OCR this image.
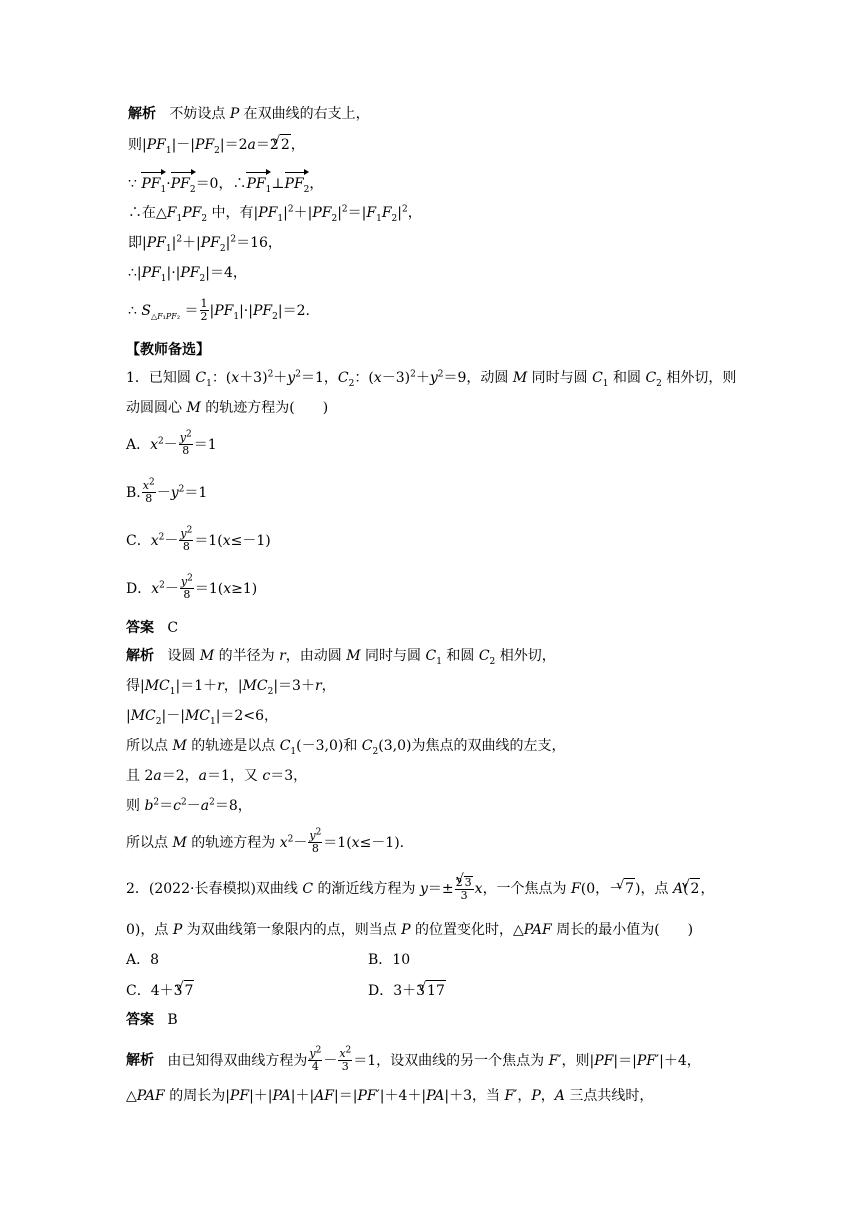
解析 不妨设点 P 在双曲线的右支上，
则$|PF_1|-|PF_2|=2a=2√$ 2，
∵ $PF_1\cdot PF_2=0$，$\therefore PF_1\perp PF_2$，
∴在$\triangle F_1PF_2$ 中，有$|PF_1|^2+|PF_2|^2=|F_1F_2|^2$，
即$|PF_1|^2+|PF_2|^2=16$，
$\therefore|PF_1|\cdot|PF_2|=4$，
∴ $S_{\triangle F_1PF_2} = \frac{1}{2} |PF_1|\cdot|PF_2|=2$.
【教师备选】
1．已知圆 $C_1$：$(x+3)^2+y^2=1$，$C_2$：$(x-3)^2+y^2=9$，动圆 M 同时与圆 $C_1$ 和圆 $C_2$ 相外切，则
动圆圆心 M 的轨迹方程为(　　)
A．$x^2- \frac{y^2}{8} =1$
B. $\frac{x^2}{8} -y^2=1$
C．$x^2- \frac{y^2}{8} =1(x\le-1)$
D．$x^2- \frac{y^2}{8} =1(x\ge 1)$
答案 C
解析 设圆 M 的半径为 r，由动圆 M 同时与圆 $C_1$ 和圆 $C_2$ 相外切，
得$|MC_1|=1+r$，$|MC_2|=3+r$，
$|MC_2|-|MC_1|=2<6$，
所以点 M 的轨迹是以点 $C_1(-3,0)$和 $C_2(3,0)$为焦点的双曲线的左支，
且 2a＝2，a＝1，又 c＝3，
则 $b^2=c^2-a^2=8$，
所以点 M 的轨迹方程为 $x^2- \frac{y^2}{8} =1(x\le-1)$.
2．(2022·长春模拟)双曲线 C 的渐近线方程为 $y=\pm \frac{2√ 3}{3}$ x，一个焦点为 F(0，－√ 7)，点 A(√ 2，
0)，点 P 为双曲线第一象限内的点，则当点 P 的位置变化时，△PAF 周长的最小值为(　　)
A．8	B．10
C．4＋3√ 7	D．3＋3√ 17
答案 B
解析 由已知得双曲线方程为 $\frac{y^2}{4} - \frac{x^2}{3} =1$，设双曲线的另一个焦点为 F′，则|PF|＝|PF′|＋4，
△PAF 的周长为|PF|＋|PA|＋|AF|＝|PF′|＋4＋|PA|＋3，当 F′，P，A 三点共线时，
